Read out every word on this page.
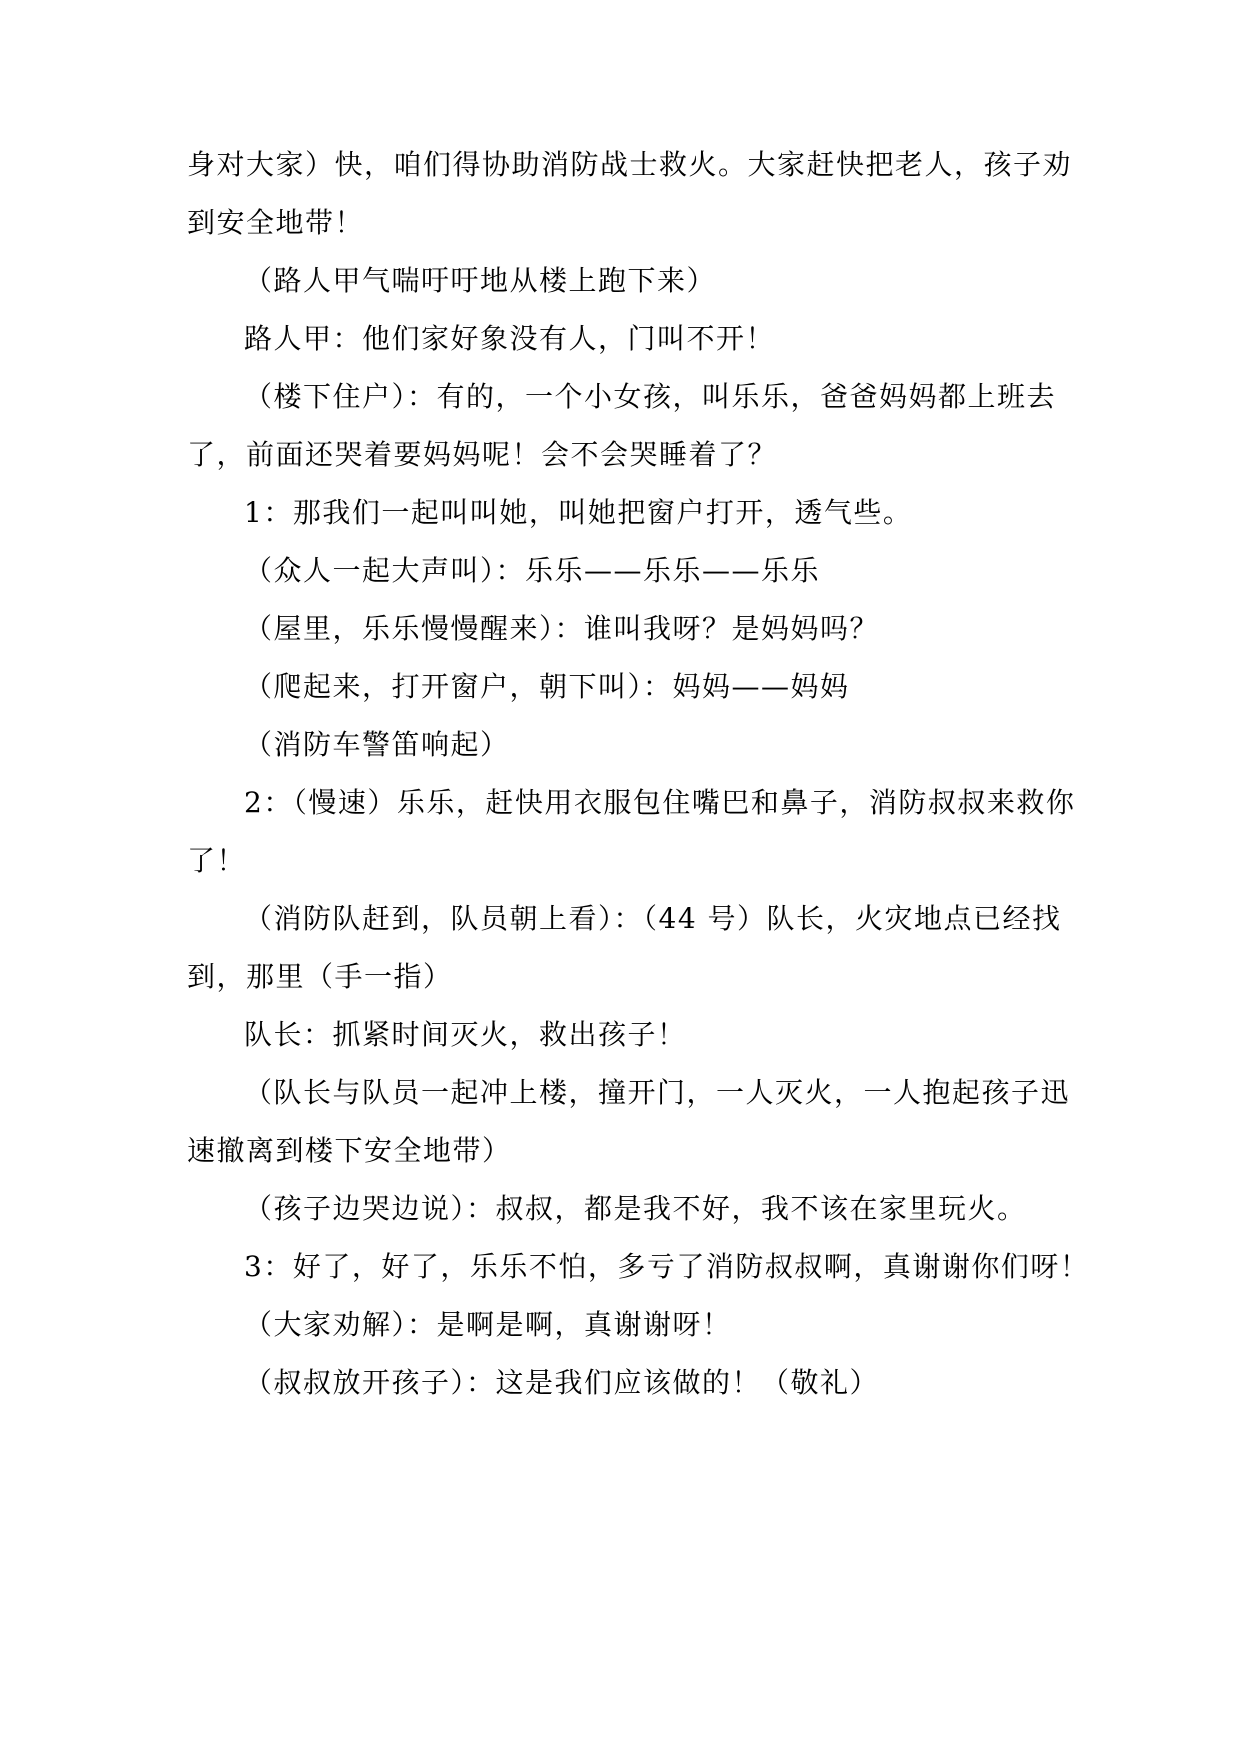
身对大家）快，咱们得协助消防战士救火。大家赶快把老人，孩子劝

到安全地带！

（路人甲气喘吁吁地从楼上跑下来）

路人甲：他们家好象没有人，门叫不开！

（楼下住户）：有的，一个小女孩，叫乐乐，爸爸妈妈都上班去

了，前面还哭着要妈妈呢！会不会哭睡着了？

1：那我们一起叫叫她，叫她把窗户打开，透气些。

（众人一起大声叫）：乐乐——乐乐——乐乐

（屋里，乐乐慢慢醒来）：谁叫我呀？是妈妈吗？

（爬起来，打开窗户，朝下叫）：妈妈——妈妈

（消防车警笛响起）

2：（慢速）乐乐，赶快用衣服包住嘴巴和鼻子，消防叔叔来救你

了！

（消防队赶到，队员朝上看）：（44 号）队长，火灾地点已经找

到，那里（手一指）

队长：抓紧时间灭火，救出孩子！

（队长与队员一起冲上楼，撞开门，一人灭火，一人抱起孩子迅

速撤离到楼下安全地带）

（孩子边哭边说）：叔叔，都是我不好，我不该在家里玩火。

3：好了，好了，乐乐不怕，多亏了消防叔叔啊，真谢谢你们呀！

（大家劝解）：是啊是啊，真谢谢呀！

（叔叔放开孩子）：这是我们应该做的！（敬礼）
